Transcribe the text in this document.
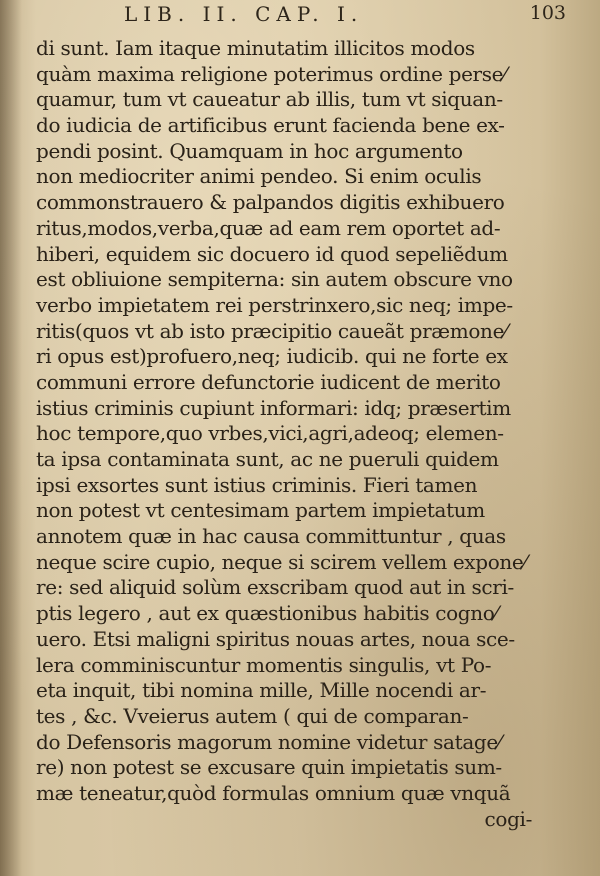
LIB. II. CAP. I.	103
di sunt. Iam itaque minutatim illicitos modos
quàm maxima religione poterimus ordine perse⁄
quamur, tum vt caueatur ab illis, tum vt siquan-
do iudicia de artificibus erunt facienda bene ex-
pendi posint. Quamquam in hoc argumento
non mediocriter animi pendeo. Si enim oculis
commonstrauero & palpandos digitis exhibuero
ritus,modos,verba,quæ ad eam rem oportet ad-
hiberi, equidem sic docuero id quod sepeliẽdum
est obliuione sempiterna: sin autem obscure vno
verbo impietatem rei perstrinxero,sic neq; impe-
ritis(quos vt ab isto præcipitio caueãt præmone⁄
ri opus est)profuero,neq; iudicib. qui ne forte ex
communi errore defunctorie iudicent de merito
istius criminis cupiunt informari: idq; præsertim
hoc tempore,quo vrbes,vici,agri,adeoq; elemen-
ta ipsa contaminata sunt, ac ne pueruli quidem
ipsi exsortes sunt istius criminis. Fieri tamen
non potest vt centesimam partem impietatum
annotem quæ in hac causa committuntur , quas
neque scire cupio, neque si scirem vellem expone⁄
re: sed aliquid solùm exscribam quod aut in scri-
ptis legero , aut ex quæstionibus habitis cogno⁄
uero. Etsi maligni spiritus nouas artes, noua sce-
lera comminiscuntur momentis singulis, vt Po-
eta inquit, tibi nomina mille, Mille nocendi ar-
tes , &c. Vveierus autem ( qui de comparan-
do Defensoris magorum nomine videtur satage⁄
re) non potest se excusare quin impietatis sum-
mæ teneatur,quòd formulas omnium quæ vnquã
cogi-
